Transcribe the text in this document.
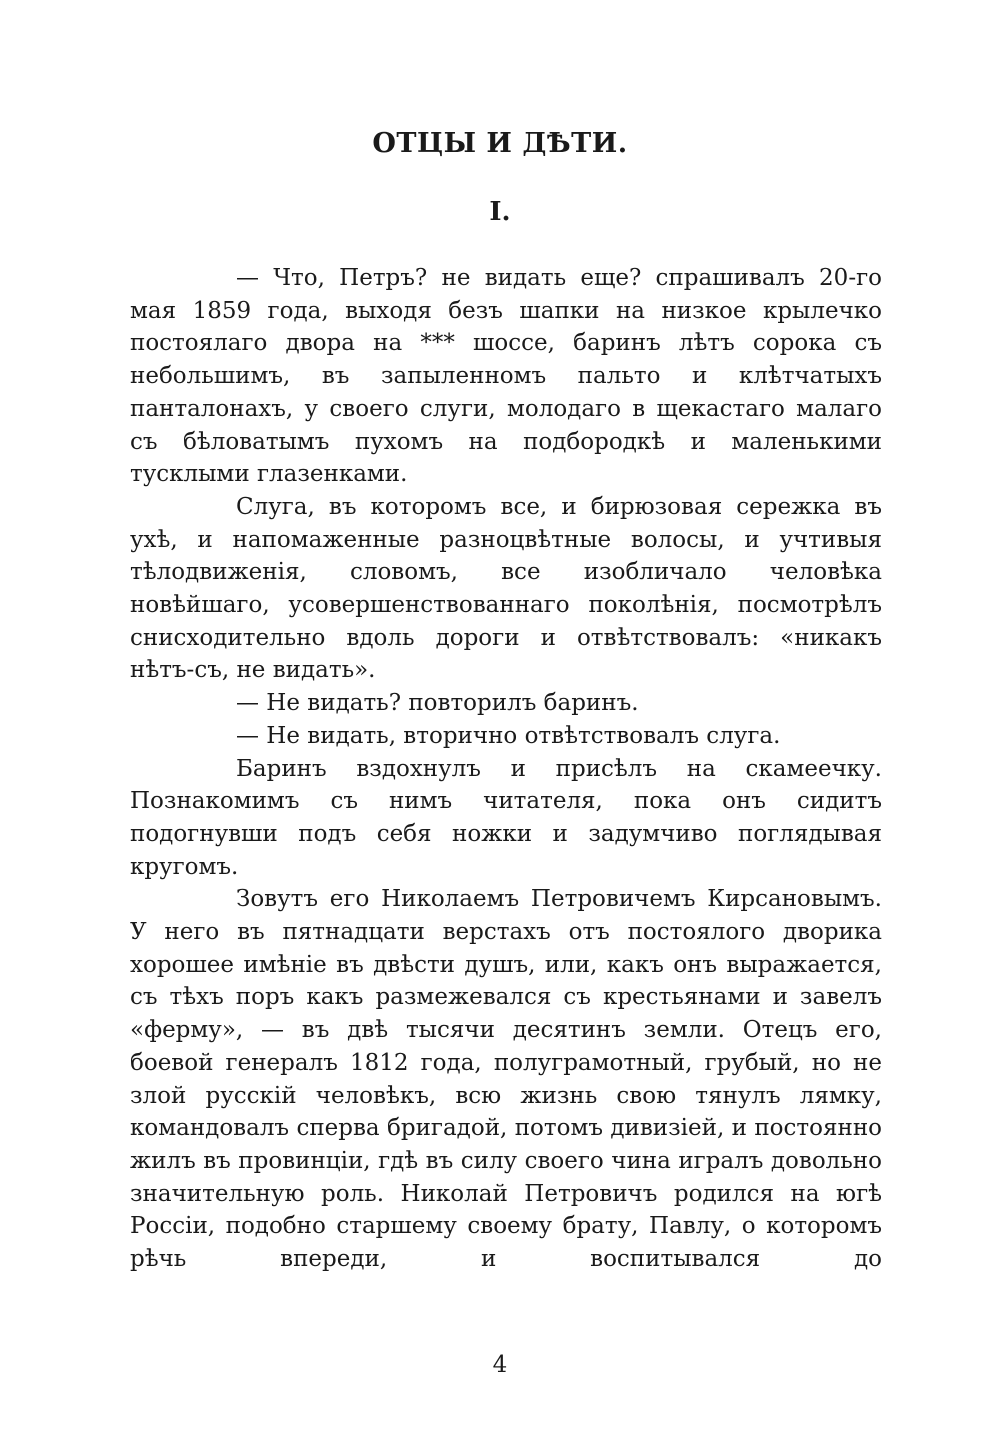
ОТЦЫ И ДѢТИ.
I.

— Что, Петръ? не видать еще? спрашивалъ 20-го мая 1859 года, выходя безъ шапки на низкое крылечко постоялаго двора на *** шоссе, баринъ лѣтъ сорока съ небольшимъ, въ запыленномъ пальто и клѣтчатыхъ панталонахъ, у своего слуги, молодаго в щекастаго малаго съ бѣловатымъ пухомъ на подбородкѣ и маленькими тусклыми глазенками.

Слуга, въ которомъ все, и бирюзовая сережка въ ухѣ, и напомаженные разноцвѣтные волосы, и учтивыя тѣлодвиженія, словомъ, все изобличало человѣка новѣйшаго, усовершенствованнаго поколѣнія, посмотрѣлъ снисходительно вдоль дороги и отвѣтствовалъ: «никакъ нѣтъ-съ, не видать».

— Не видать? повторилъ баринъ.

— Не видать, вторично отвѣтствовалъ слуга.

Баринъ вздохнулъ и присѣлъ на скамеечку. Познакомимъ съ нимъ читателя, пока онъ сидитъ подогнувши подъ себя ножки и задумчиво поглядывая кругомъ.

Зовутъ его Николаемъ Петровичемъ Кирсановымъ. У него въ пятнадцати верстахъ отъ постоялого дворика хорошее имѣніе въ двѣсти душъ, или, какъ онъ выражается, съ тѣхъ поръ какъ размежевался съ крестьянами и завелъ «ферму», — въ двѣ тысячи десятинъ земли. Отецъ его, боевой генералъ 1812 года, полуграмотный, грубый, но не злой русскій человѣкъ, всю жизнь свою тянулъ лямку, командовалъ сперва бригадой, потомъ дивизіей, и постоянно жилъ въ провинціи, гдѣ въ силу своего чина игралъ довольно значительную роль. Николай Петровичъ родился на югѣ Россіи, подобно старшему своему брату, Павлу, о которомъ рѣчь впереди, и воспитывался до

4
